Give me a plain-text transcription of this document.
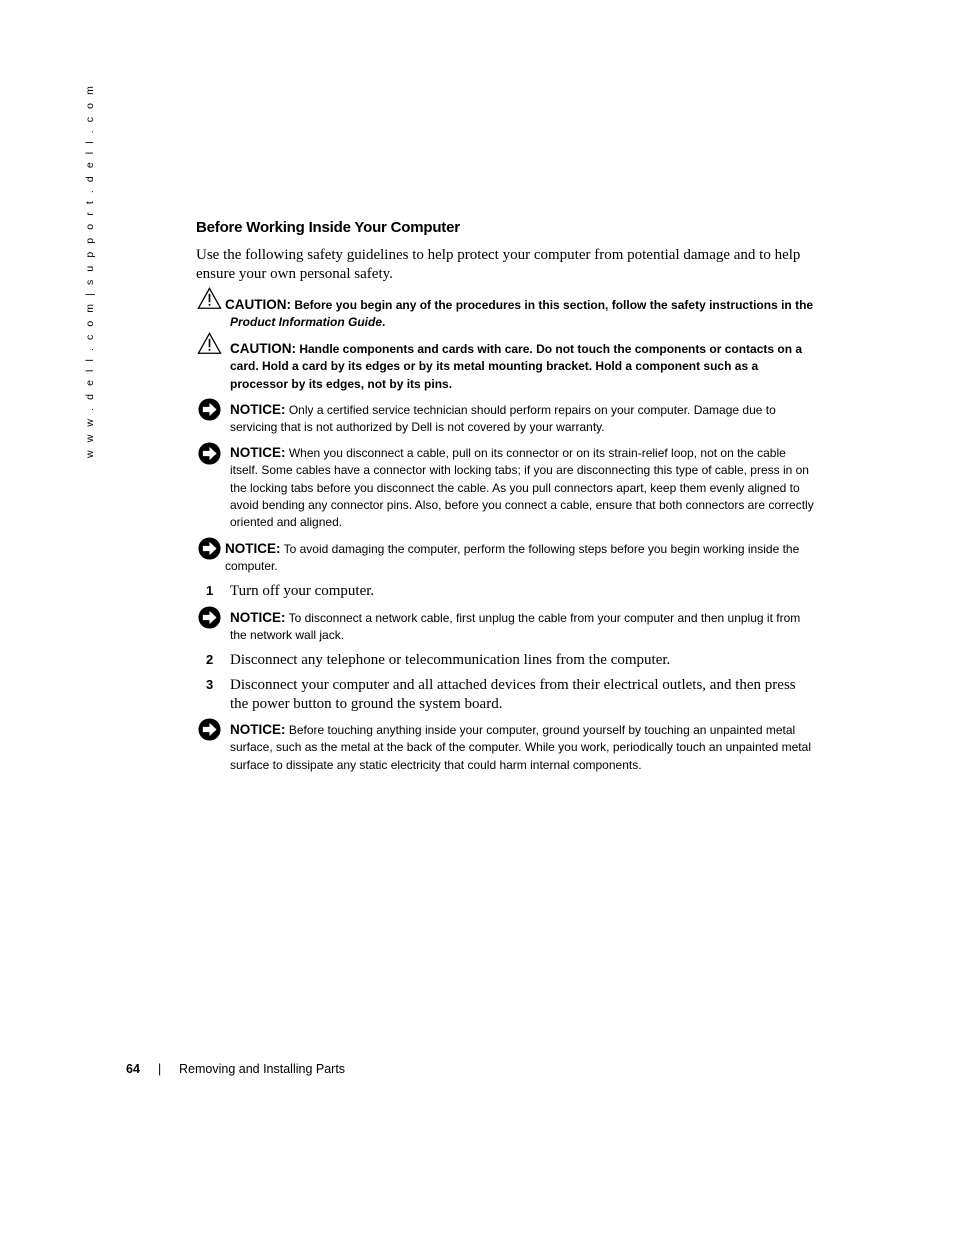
w w w . d e l l . c o m | s u p p o r t . d e l l . c o m	Before Working Inside Your Computer

Use the following safety guidelines to help protect your computer from potential damage and to help ensure your own personal safety.

CAUTION: Before you begin any of the procedures in this section, follow the safety instructions in the
Product Information Guide.

CAUTION: Handle components and cards with care. Do not touch the components or contacts on a card. Hold a card by its edges or by its metal mounting bracket. Hold a component such as a processor by its edges, not by its pins.

NOTICE: Only a certified service technician should perform repairs on your computer. Damage due to servicing that is not authorized by Dell is not covered by your warranty.

NOTICE: When you disconnect a cable, pull on its connector or on its strain-relief loop, not on the cable itself. Some cables have a connector with locking tabs; if you are disconnecting this type of cable, press in on the locking tabs before you disconnect the cable. As you pull connectors apart, keep them evenly aligned to avoid bending any connector pins. Also, before you connect a cable, ensure that both connectors are correctly oriented and aligned.

NOTICE: To avoid damaging the computer, perform the following steps before you begin working inside the computer.

1 Turn off your computer.

NOTICE: To disconnect a network cable, first unplug the cable from your computer and then unplug it from the network wall jack.

2 Disconnect any telephone or telecommunication lines from the computer.
3 Disconnect your computer and all attached devices from their electrical outlets, and then press the power button to ground the system board.

NOTICE: Before touching anything inside your computer, ground yourself by touching an unpainted metal surface, such as the metal at the back of the computer. While you work, periodically touch an unpainted metal surface to dissipate any static electricity that could harm internal components.

64 | Removing and Installing Parts
